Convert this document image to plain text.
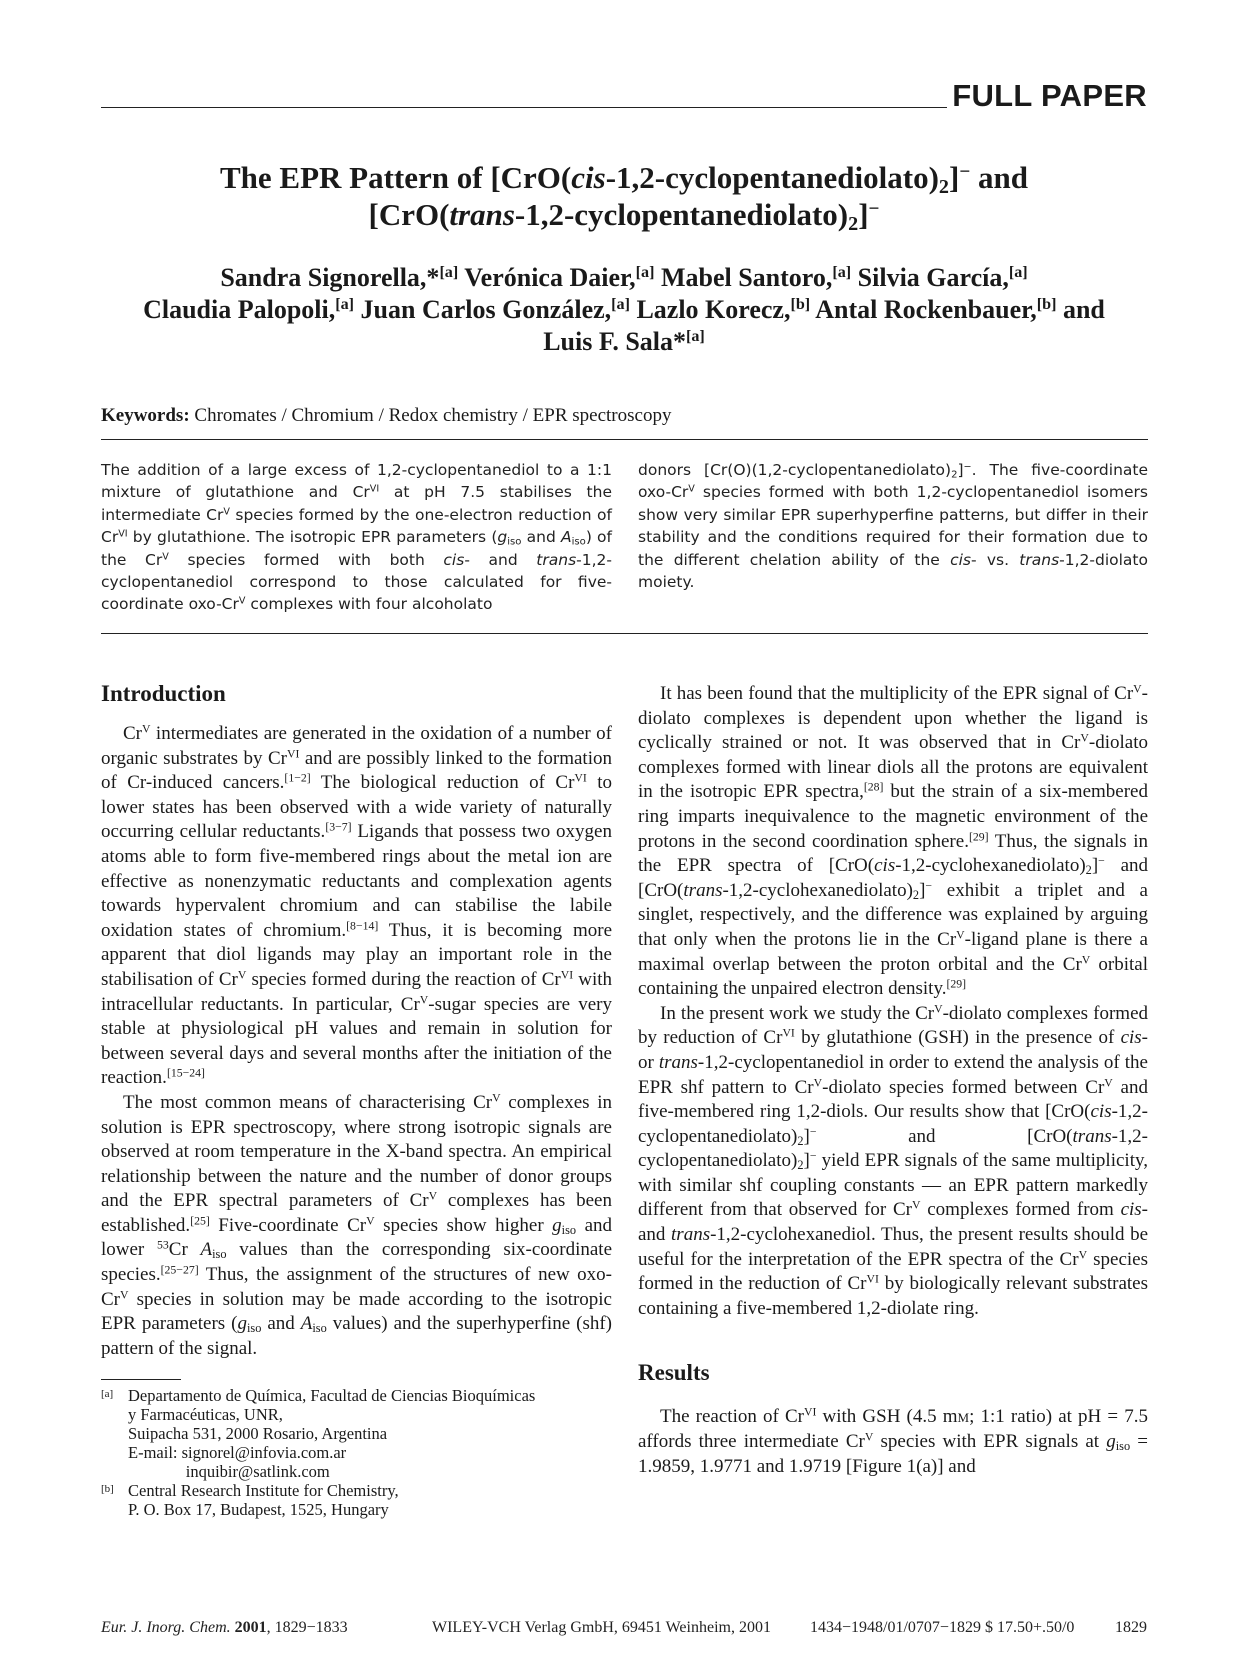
FULL PAPER
The EPR Pattern of $[CrO(cis-1,2-cyclopentanediolato)_2]^-$ and
$[CrO(trans-1,2-cyclopentanediolato)_2]^-$
Sandra Signorella,*[a] Verónica Daier,[a] Mabel Santoro,[a] Silvia García,[a]
Claudia Palopoli,[a] Juan Carlos González,[a] Lazlo Korecz,[b] Antal Rockenbauer,[b] and
Luis F. Sala*[a]
Keywords: Chromates / Chromium / Redox chemistry / EPR spectroscopy

The addition of a large excess of 1,2-cyclopentanediol to a 1:1 mixture of glutathione and $Cr^{VI}$ at pH 7.5 stabilises the intermediate $Cr^V$ species formed by the one-electron reduction of $Cr^{VI}$ by glutathione. The isotropic EPR parameters ($g_{iso}$ and $A_{iso}$) of the $Cr^V$ species formed with both cis- and trans-1,2-cyclopentanediol correspond to those calculated for five-coordinate oxo-$Cr^V$ complexes with four alcoholato

donors $[Cr(O)(1,2-cyclopentanediolato)_2]^-$. The five-coordinate oxo-$Cr^V$ species formed with both 1,2-cyclopentanediol isomers show very similar EPR superhyperfine patterns, but differ in their stability and the conditions required for their formation due to the different chelation ability of the cis- vs. trans-1,2-diolato moiety.

Introduction

$Cr^V$ intermediates are generated in the oxidation of a number of organic substrates by $Cr^{VI}$ and are possibly linked to the formation of Cr-induced cancers.[1−2] The biological reduction of $Cr^{VI}$ to lower states has been observed with a wide variety of naturally occurring cellular reductants.[3−7] Ligands that possess two oxygen atoms able to form five-membered rings about the metal ion are effective as nonenzymatic reductants and complexation agents towards hypervalent chromium and can stabilise the labile oxidation states of chromium.[8−14] Thus, it is becoming more apparent that diol ligands may play an important role in the stabilisation of $Cr^V$ species formed during the reaction of $Cr^{VI}$ with intracellular reductants. In particular, $Cr^V$-sugar species are very stable at physiological pH values and remain in solution for between several days and several months after the initiation of the reaction.[15−24]

The most common means of characterising $Cr^V$ complexes in solution is EPR spectroscopy, where strong isotropic signals are observed at room temperature in the X-band spectra. An empirical relationship between the nature and the number of donor groups and the EPR spectral parameters of $Cr^V$ complexes has been established.[25] Five-coordinate $Cr^V$ species show higher $g_{iso}$ and lower $^{53}$Cr $A_{iso}$ values than the corresponding six-coordinate species.[25−27] Thus, the assignment of the structures of new oxo-$Cr^V$ species in solution may be made according to the isotropic EPR parameters ($g_{iso}$ and $A_{iso}$ values) and the superhyperfine (shf) pattern of the signal.

[a] Departamento de Química, Facultad de Ciencias Bioquímicas
y Farmacéuticas, UNR,
Suipacha 531, 2000 Rosario, Argentina
E-mail: signorel@infovia.com.ar
inquibir@satlink.com
[b] Central Research Institute for Chemistry,
P. O. Box 17, Budapest, 1525, Hungary

It has been found that the multiplicity of the EPR signal of $Cr^V$-diolato complexes is dependent upon whether the ligand is cyclically strained or not. It was observed that in $Cr^V$-diolato complexes formed with linear diols all the protons are equivalent in the isotropic EPR spectra,[28] but the strain of a six-membered ring imparts inequivalence to the magnetic environment of the protons in the second coordination sphere.[29] Thus, the signals in the EPR spectra of $[CrO(cis-1,2-cyclohexanediolato)_2]^-$ and $[CrO(trans-1,2-cyclohexanediolato)_2]^-$ exhibit a triplet and a singlet, respectively, and the difference was explained by arguing that only when the protons lie in the $Cr^V$-ligand plane is there a maximal overlap between the proton orbital and the $Cr^V$ orbital containing the unpaired electron density.[29]

In the present work we study the $Cr^V$-diolato complexes formed by reduction of $Cr^{VI}$ by glutathione (GSH) in the presence of cis- or trans-1,2-cyclopentanediol in order to extend the analysis of the EPR shf pattern to $Cr^V$-diolato species formed between $Cr^V$ and five-membered ring 1,2-diols. Our results show that $[CrO(cis-1,2-cyclopentanediolato)_2]^-$ and $[CrO(trans-1,2-cyclopentanediolato)_2]^-$ yield EPR signals of the same multiplicity, with similar shf coupling constants — an EPR pattern markedly different from that observed for $Cr^V$ complexes formed from cis- and trans-1,2-cyclohexanediol. Thus, the present results should be useful for the interpretation of the EPR spectra of the $Cr^V$ species formed in the reduction of $Cr^{VI}$ by biologically relevant substrates containing a five-membered 1,2-diolate ring.

Results

The reaction of $Cr^{VI}$ with GSH (4.5 mm; 1:1 ratio) at pH = 7.5 affords three intermediate $Cr^V$ species with EPR signals at $g_{iso} = 1.9859$, 1.9771 and 1.9719 [Figure 1(a)] and

Eur. J. Inorg. Chem. 2001, 1829−1833	WILEY-VCH Verlag GmbH, 69451 Weinheim, 2001 1434−1948/01/0707−1829 $ 17.50+.50/0	1829
